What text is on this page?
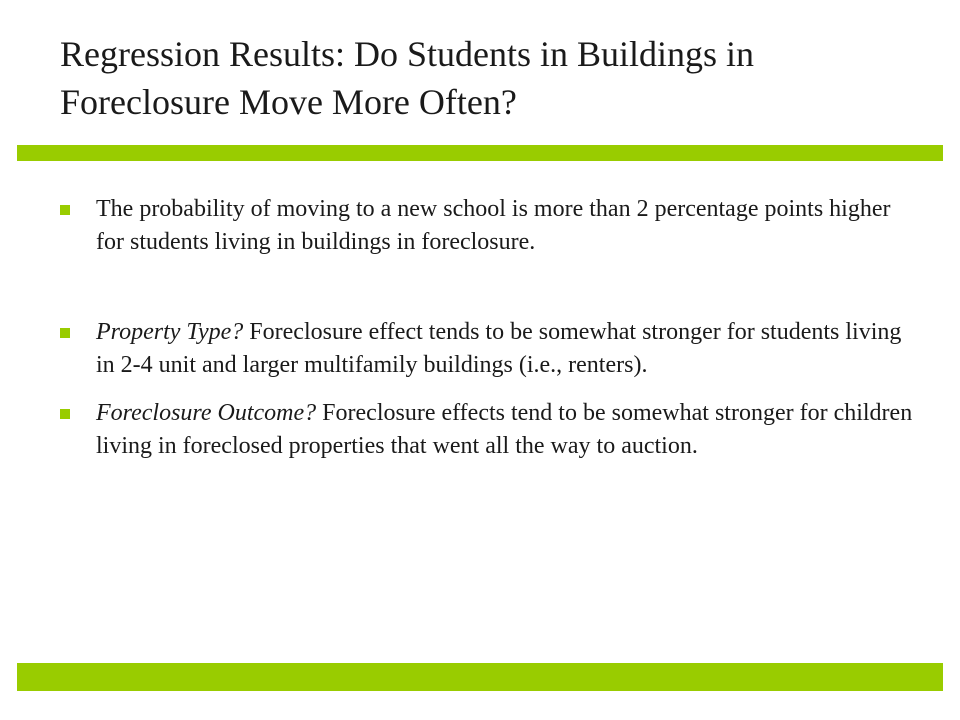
Regression Results: Do Students in Buildings in Foreclosure Move More Often?
The probability of moving to a new school is more than 2 percentage points higher for students living in buildings in foreclosure.
Property Type? Foreclosure effect tends to be somewhat stronger for students living in 2-4 unit and larger multifamily buildings (i.e., renters).
Foreclosure Outcome? Foreclosure effects tend to be somewhat stronger for children living in foreclosed properties that went all the way to auction.
